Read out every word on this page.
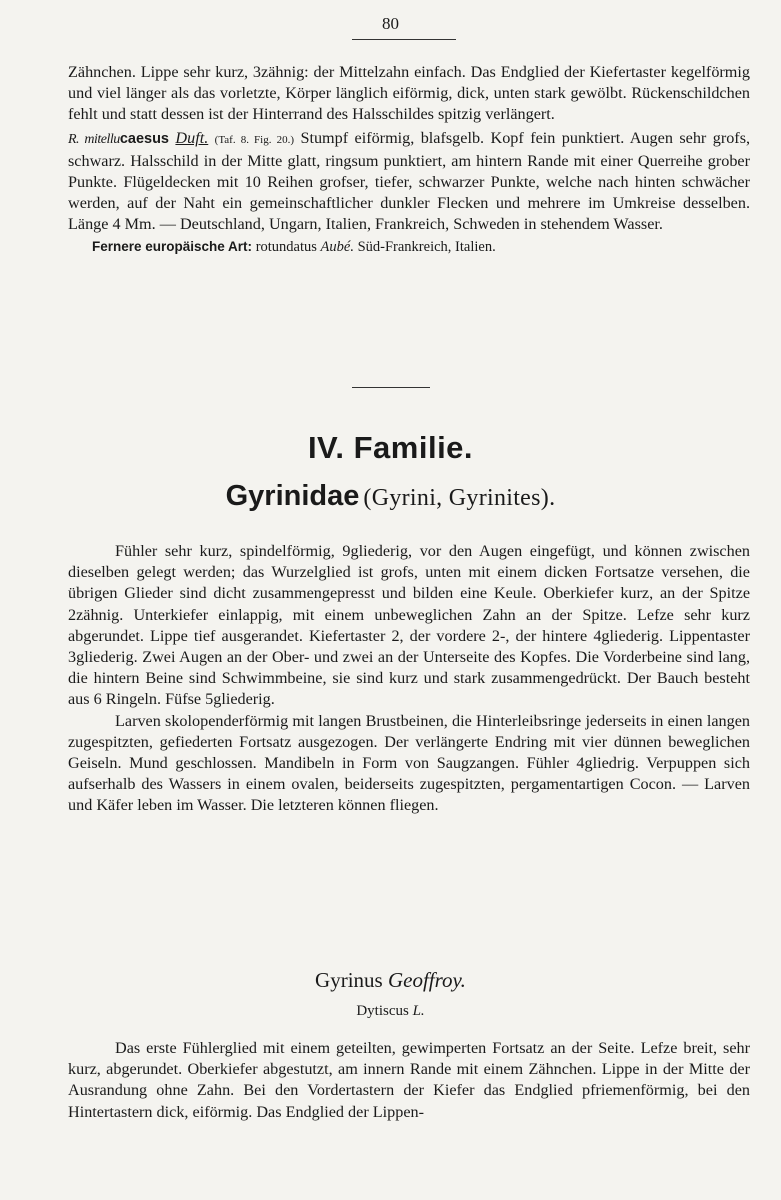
80

Zähnchen. Lippe sehr kurz, 3zähnig: der Mittelzahn einfach. Das Endglied der Kiefertaster kegelförmig und viel länger als das vorletzte, Körper länglich eiförmig, dick, unten stark gewölbt. Rückenschildchen fehlt und statt dessen ist der Hinterrand des Halsschildes spitzig verlängert.

R. mitellucaesus Duft. (Taf. 8. Fig. 20.) Stumpf eiförmig, blafsgelb. Kopf fein punktiert. Augen sehr grofs, schwarz. Halsschild in der Mitte glatt, ringsum punktiert, am hintern Rande mit einer Querreihe grober Punkte. Flügeldecken mit 10 Reihen grofser, tiefer, schwarzer Punkte, welche nach hinten schwächer werden, auf der Naht ein gemeinschaftlicher dunkler Flecken und mehrere im Umkreise desselben. Länge 4 Mm. — Deutschland, Ungarn, Italien, Frankreich, Schweden in stehendem Wasser.

Fernere europäische Art: rotundatus Aubé. Süd-Frankreich, Italien.

IV. Familie.
Gyrinidae (Gyrini, Gyrinites).

Fühler sehr kurz, spindelförmig, 9gliederig, vor den Augen eingefügt, und können zwischen dieselben gelegt werden; das Wurzelglied ist grofs, unten mit einem dicken Fortsatze versehen, die übrigen Glieder sind dicht zusammengepresst und bilden eine Keule. Oberkiefer kurz, an der Spitze 2zähnig. Unterkiefer einlappig, mit einem unbeweglichen Zahn an der Spitze. Lefze sehr kurz abgerundet. Lippe tief ausgerandet. Kiefertaster 2, der vordere 2-, der hintere 4gliederig. Lippentaster 3gliederig. Zwei Augen an der Ober- und zwei an der Unterseite des Kopfes. Die Vorderbeine sind lang, die hintern Beine sind Schwimmbeine, sie sind kurz und stark zusammengedrückt. Der Bauch besteht aus 6 Ringeln. Füfse 5gliederig.

Larven skolopenderförmig mit langen Brustbeinen, die Hinterleibsringe jederseits in einen langen zugespitzten, gefiederten Fortsatz ausgezogen. Der verlängerte Endring mit vier dünnen beweglichen Geiseln. Mund geschlossen. Mandibeln in Form von Saugzangen. Fühler 4gliedrig. Verpuppen sich aufserhalb des Wassers in einem ovalen, beiderseits zugespitzten, pergamentartigen Cocon. — Larven und Käfer leben im Wasser. Die letzteren können fliegen.

Gyrinus Geoffroy.
Dytiscus L.

Das erste Fühlerglied mit einem geteilten, gewimperten Fortsatz an der Seite. Lefze breit, sehr kurz, abgerundet. Oberkiefer abgestutzt, am innern Rande mit einem Zähnchen. Lippe in der Mitte der Ausrandung ohne Zahn. Bei den Vordertastern der Kiefer das Endglied pfriemenförmig, bei den Hintertastern dick, eiförmig. Das Endglied der Lippen-
